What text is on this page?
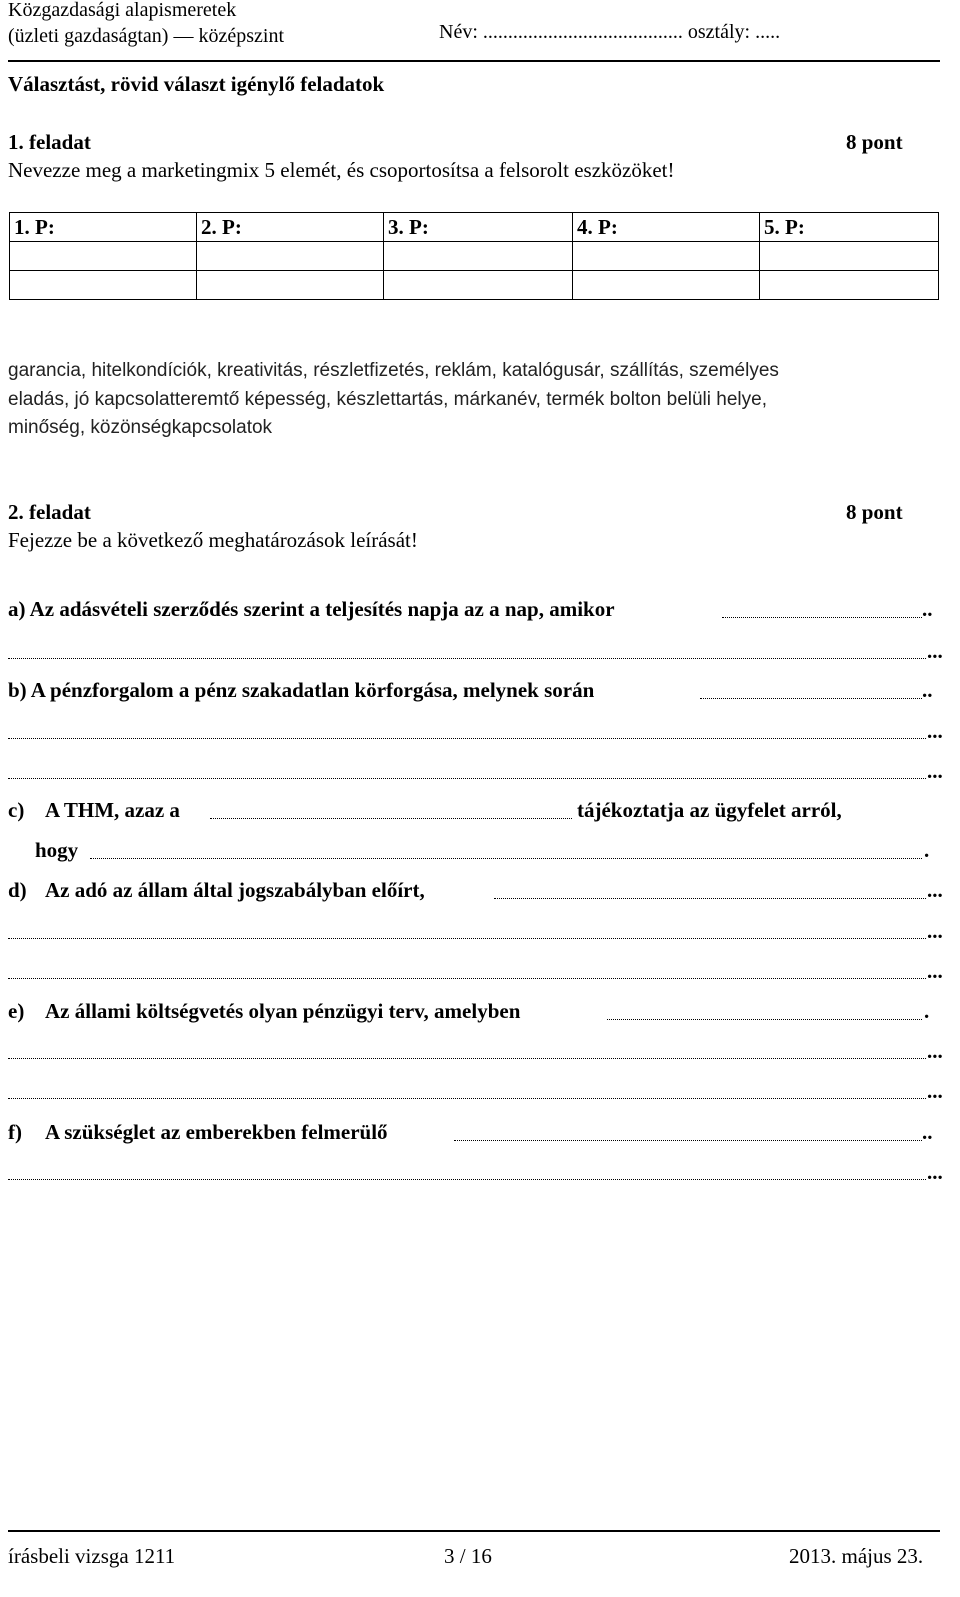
Közgazdasági alapismeretek
(üzleti gazdaságtan) — középszint	Név: ........................................ osztály: .....
Választást, rövid választ igénylő feladatok
1. feladat	8 pont
Nevezze meg a marketingmix 5 elemét, és csoportosítsa a felsorolt eszközöket!
1. P:	2. P:	3. P:	4. P:	5. P:

garancia, hitelkondíciók, kreativitás, részletfizetés, reklám, katalógusár, szállítás, személyes
eladás, jó kapcsolatteremtő képesség, készlettartás, márkanév, termék bolton belüli helye,
minőség, közönségkapcsolatok
2. feladat	8 pont
Fejezze be a következő meghatározások leírását!
a) Az adásvételi szerződés szerint a teljesítés napja az a nap, amikor	..
...
b) A pénzforgalom a pénz szakadatlan körforgása, melynek során	..
...
...
c) A THM, azaz a	tájékoztatja az ügyfelet arról,
hogy	.
d) Az adó az állam által jogszabályban előírt,	...
...
...
e) Az állami költségvetés olyan pénzügyi terv, amelyben	.
...
...
f) A szükséglet az emberekben felmerülő	..
...
írásbeli vizsga 1211	3 / 16	2013. május 23.
